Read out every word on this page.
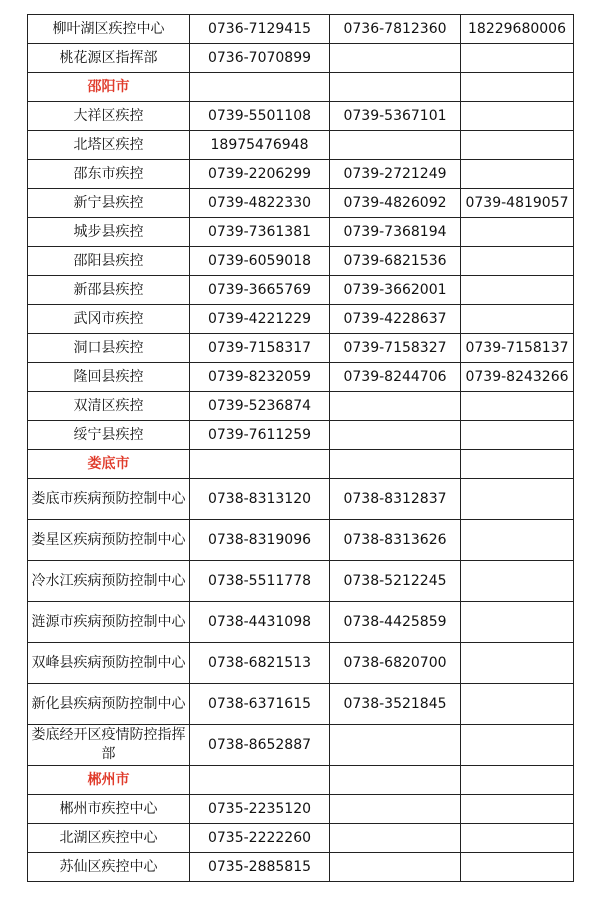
柳叶湖区疾控中心	0736-7129415	0736-7812360	18229680006
桃花源区指挥部	0736-7070899		
邵阳市			
大祥区疾控	0739-5501108	0739-5367101	
北塔区疾控	18975476948		
邵东市疾控	0739-2206299	0739-2721249	
新宁县疾控	0739-4822330	0739-4826092	0739-4819057
城步县疾控	0739-7361381	0739-7368194	
邵阳县疾控	0739-6059018	0739-6821536	
新邵县疾控	0739-3665769	0739-3662001	
武冈市疾控	0739-4221229	0739-4228637	
洞口县疾控	0739-7158317	0739-7158327	0739-7158137
隆回县疾控	0739-8232059	0739-8244706	0739-8243266
双清区疾控	0739-5236874		
绥宁县疾控	0739-7611259		
娄底市			
娄底市疾病预防控制中心	0738-8313120	0738-8312837	
娄星区疾病预防控制中心	0738-8319096	0738-8313626	
冷水江疾病预防控制中心	0738-5511778	0738-5212245	
涟源市疾病预防控制中心	0738-4431098	0738-4425859	
双峰县疾病预防控制中心	0738-6821513	0738-6820700	
新化县疾病预防控制中心	0738-6371615	0738-3521845	
娄底经开区疫情防控指挥部	0738-8652887		
郴州市			
郴州市疾控中心	0735-2235120		
北湖区疾控中心	0735-2222260		
苏仙区疾控中心	0735-2885815		
